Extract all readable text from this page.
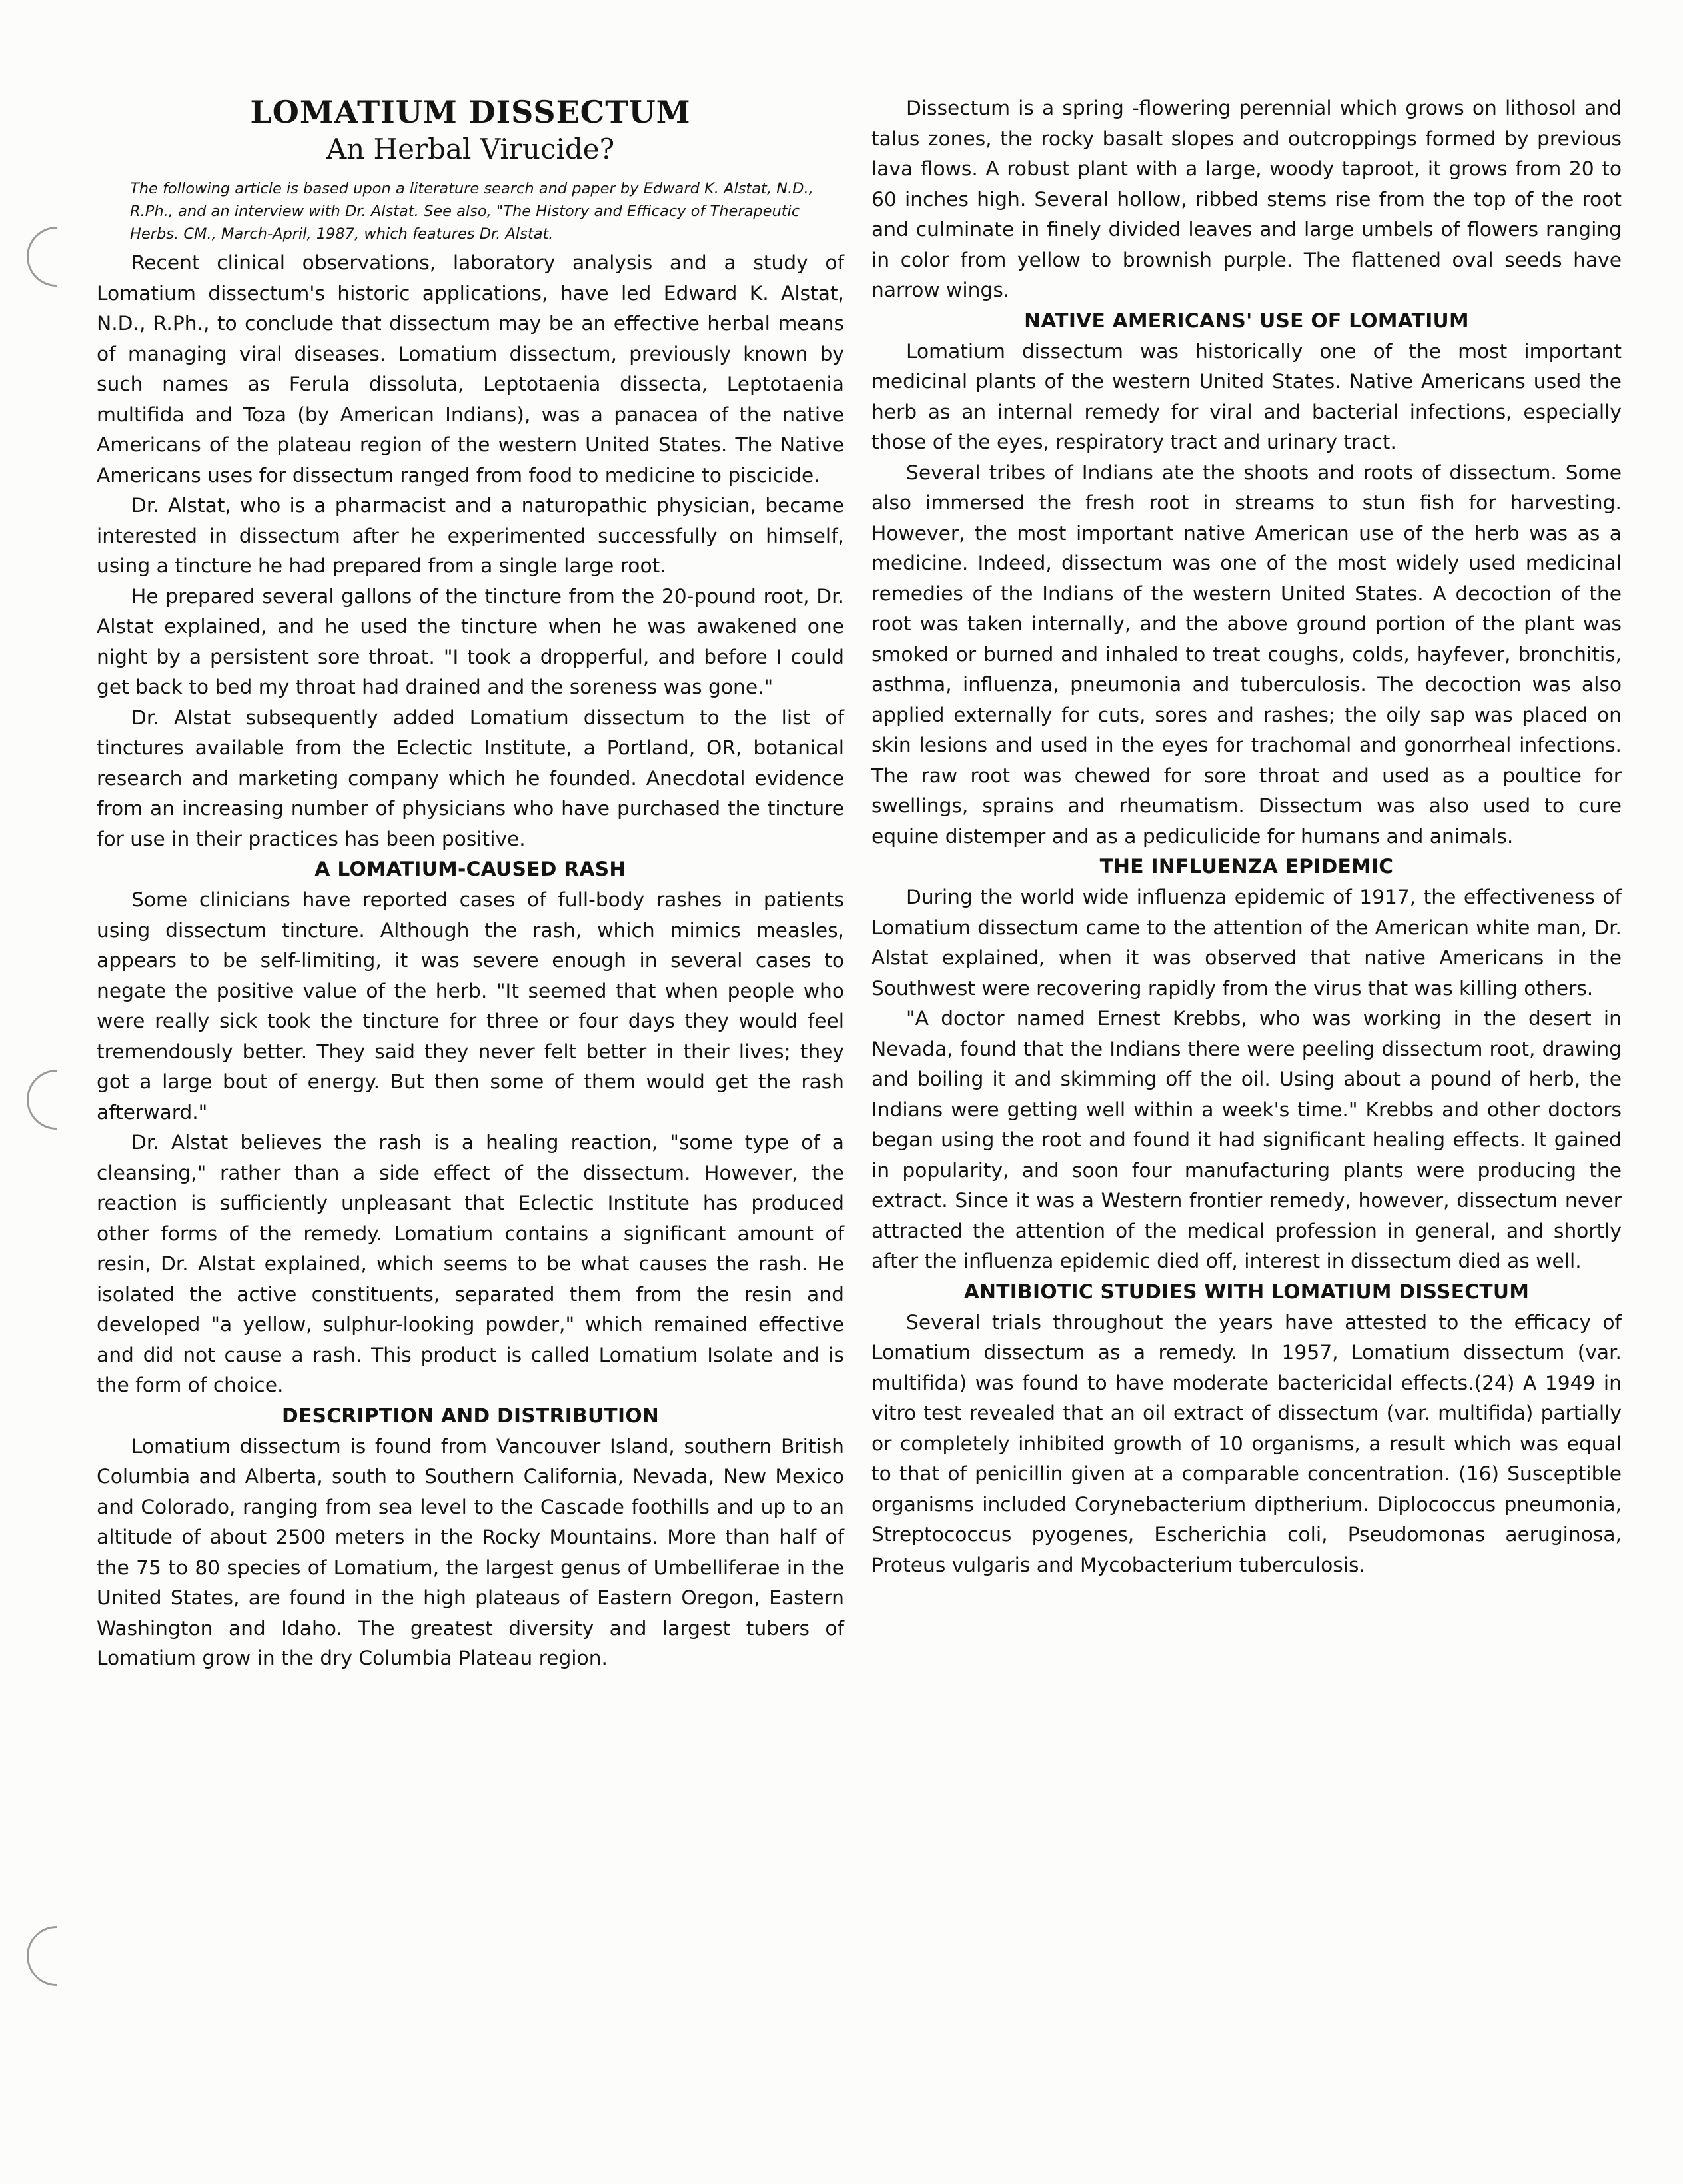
LOMATIUM DISSECTUM
An Herbal Virucide?
The following article is based upon a literature search and paper by Edward K. Alstat, N.D., R.Ph., and an interview with Dr. Alstat. See also, "The History and Efficacy of Therapeutic Herbs. CM., March-April, 1987, which features Dr. Alstat.

Recent clinical observations, laboratory analysis and a study of Lomatium dissectum's historic applications, have led Edward K. Alstat, N.D., R.Ph., to conclude that dissectum may be an effective herbal means of managing viral diseases. Lomatium dissectum, previously known by such names as Ferula dissoluta, Leptotaenia dissecta, Leptotaenia multifida and Toza (by American Indians), was a panacea of the native Americans of the plateau region of the western United States. The Native Americans uses for dissectum ranged from food to medicine to piscicide.

Dr. Alstat, who is a pharmacist and a naturopathic physician, became interested in dissectum after he experimented successfully on himself, using a tincture he had prepared from a single large root.

He prepared several gallons of the tincture from the 20-pound root, Dr. Alstat explained, and he used the tincture when he was awakened one night by a persistent sore throat. "I took a dropperful, and before I could get back to bed my throat had drained and the soreness was gone."

Dr. Alstat subsequently added Lomatium dissectum to the list of tinctures available from the Eclectic Institute, a Portland, OR, botanical research and marketing company which he founded. Anecdotal evidence from an increasing number of physicians who have purchased the tincture for use in their practices has been positive.

A LOMATIUM-CAUSED RASH

Some clinicians have reported cases of full-body rashes in patients using dissectum tincture. Although the rash, which mimics measles, appears to be self-limiting, it was severe enough in several cases to negate the positive value of the herb. "It seemed that when people who were really sick took the tincture for three or four days they would feel tremendously better. They said they never felt better in their lives; they got a large bout of energy. But then some of them would get the rash afterward."

Dr. Alstat believes the rash is a healing reaction, "some type of a cleansing," rather than a side effect of the dissectum. However, the reaction is sufficiently unpleasant that Eclectic Institute has produced other forms of the remedy. Lomatium contains a significant amount of resin, Dr. Alstat explained, which seems to be what causes the rash. He isolated the active constituents, separated them from the resin and developed "a yellow, sulphur-looking powder," which remained effective and did not cause a rash. This product is called Lomatium Isolate and is the form of choice.

DESCRIPTION AND DISTRIBUTION

Lomatium dissectum is found from Vancouver Island, southern British Columbia and Alberta, south to Southern California, Nevada, New Mexico and Colorado, ranging from sea level to the Cascade foothills and up to an altitude of about 2500 meters in the Rocky Mountains. More than half of the 75 to 80 species of Lomatium, the largest genus of Umbelliferae in the United States, are found in the high plateaus of Eastern Oregon, Eastern Washington and Idaho. The greatest diversity and largest tubers of Lomatium grow in the dry Columbia Plateau region.

Dissectum is a spring -flowering perennial which grows on lithosol and talus zones, the rocky basalt slopes and outcroppings formed by previous lava flows. A robust plant with a large, woody taproot, it grows from 20 to 60 inches high. Several hollow, ribbed stems rise from the top of the root and culminate in finely divided leaves and large umbels of flowers ranging in color from yellow to brownish purple. The flattened oval seeds have narrow wings.

NATIVE AMERICANS' USE OF LOMATIUM

Lomatium dissectum was historically one of the most important medicinal plants of the western United States. Native Americans used the herb as an internal remedy for viral and bacterial infections, especially those of the eyes, respiratory tract and urinary tract.

Several tribes of Indians ate the shoots and roots of dissectum. Some also immersed the fresh root in streams to stun fish for harvesting. However, the most important native American use of the herb was as a medicine. Indeed, dissectum was one of the most widely used medicinal remedies of the Indians of the western United States. A decoction of the root was taken internally, and the above ground portion of the plant was smoked or burned and inhaled to treat coughs, colds, hayfever, bronchitis, asthma, influenza, pneumonia and tuberculosis. The decoction was also applied externally for cuts, sores and rashes; the oily sap was placed on skin lesions and used in the eyes for trachomal and gonorrheal infections. The raw root was chewed for sore throat and used as a poultice for swellings, sprains and rheumatism. Dissectum was also used to cure equine distemper and as a pediculicide for humans and animals.

THE INFLUENZA EPIDEMIC

During the world wide influenza epidemic of 1917, the effectiveness of Lomatium dissectum came to the attention of the American white man, Dr. Alstat explained, when it was observed that native Americans in the Southwest were recovering rapidly from the virus that was killing others.

"A doctor named Ernest Krebbs, who was working in the desert in Nevada, found that the Indians there were peeling dissectum root, drawing and boiling it and skimming off the oil. Using about a pound of herb, the Indians were getting well within a week's time." Krebbs and other doctors began using the root and found it had significant healing effects. It gained in popularity, and soon four manufacturing plants were producing the extract. Since it was a Western frontier remedy, however, dissectum never attracted the attention of the medical profession in general, and shortly after the influenza epidemic died off, interest in dissectum died as well.

ANTIBIOTIC STUDIES WITH LOMATIUM DISSECTUM

Several trials throughout the years have attested to the efficacy of Lomatium dissectum as a remedy. In 1957, Lomatium dissectum (var. multifida) was found to have moderate bactericidal effects.(24) A 1949 in vitro test revealed that an oil extract of dissectum (var. multifida) partially or completely inhibited growth of 10 organisms, a result which was equal to that of penicillin given at a comparable concentration. (16) Susceptible organisms included Corynebacterium diptherium. Diplococcus pneumonia, Streptococcus pyogenes, Escherichia coli, Pseudomonas aeruginosa, Proteus vulgaris and Mycobacterium tuberculosis.
